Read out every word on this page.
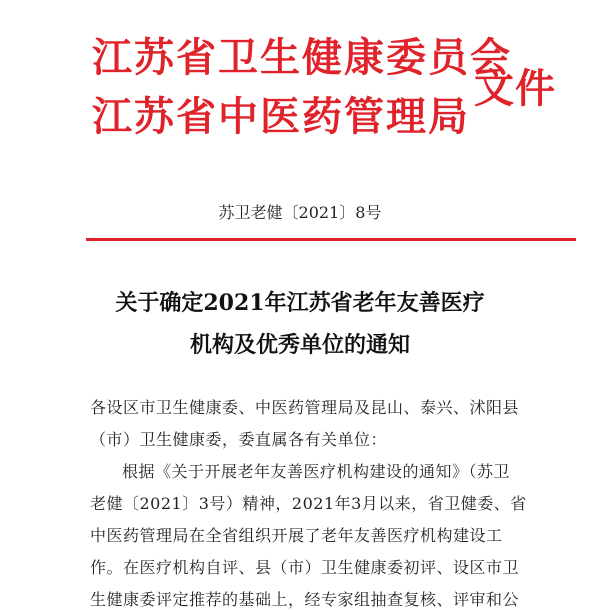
江苏省卫生健康委员会
江苏省中医药管理局
文件
苏卫老健〔2021〕8号
关于确定2021年江苏省老年友善医疗
机构及优秀单位的通知
各设区市卫生健康委、中医药管理局及昆山、泰兴、沭阳县
（市）卫生健康委，委直属各有关单位：
根据《关于开展老年友善医疗机构建设的通知》（苏卫
老健〔2021〕3号）精神，2021年3月以来，省卫健委、省
中医药管理局在全省组织开展了老年友善医疗机构建设工
作。在医疗机构自评、县（市）卫生健康委初评、设区市卫
生健康委评定推荐的基础上，经专家组抽查复核、评审和公
